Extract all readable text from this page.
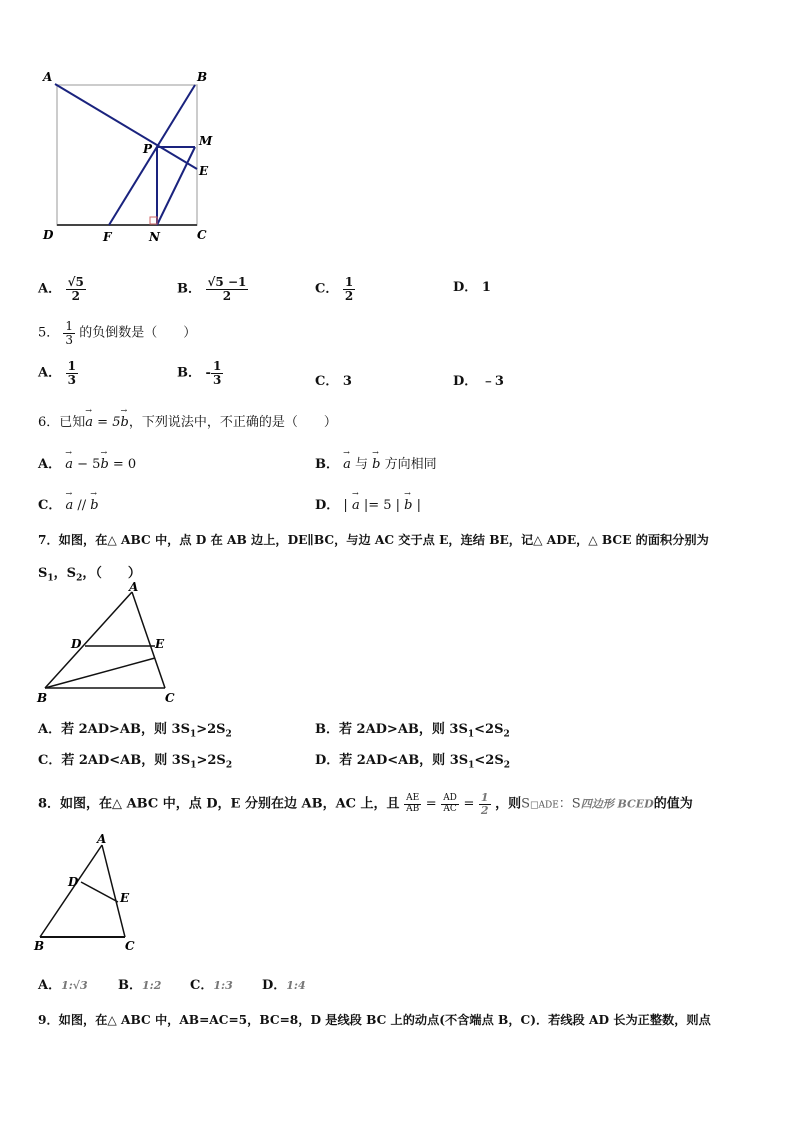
A	B
C
D
E
F
M
N
P
A． $\frac{√5}{2}$	B． $\frac{√5 -1}{2}$	C． $\frac{1}{2}$	D． 1
5． $\frac{1}{3}$ 的负倒数是（　　）
A． $\frac{1}{3}$	B． - $\frac{1}{3}$	C． 3	D． ﹣3
6．已知→ a = 5→ b，下列说法中，不正确的是（　　）
A． → a − 5→ b = 0	B． → a 与 → b 方向相同
C． → a // → b	D． | → a |= 5 | → b |
7．如图，在△ ABC 中，点 D 在 AB 边上，DE∥BC，与边 AC 交于点 E，连结 BE，记△ ADE，△ BCE 的面积分别为
$S_1$，$S_2$，（　　）
A
B	C
D	E
A．若 2AD>AB，则 $3S_1>2S_2$	B．若 2AD>AB，则 $3S_1<2S_2$
C．若 2AD<AB，则 $3S_1>2S_2$	D．若 2AD<AB，则 $3S_1<2S_2$
8．如图，在△ ABC 中，点 D，E 分别在边 AB，AC 上，且 $\frac{AE}{AB} = \frac{AD}{AC} = \frac{1}{2}$ ，则S□ADE：S四边形 BCED的值为
A
B	C
D
E
A．1:√3 B．1:2 C．1:3 D．1:4
9．如图，在△ ABC 中，AB=AC=5，BC=8，D 是线段 BC 上的动点(不含端点 B，C)．若线段 AD 长为正整数，则点
